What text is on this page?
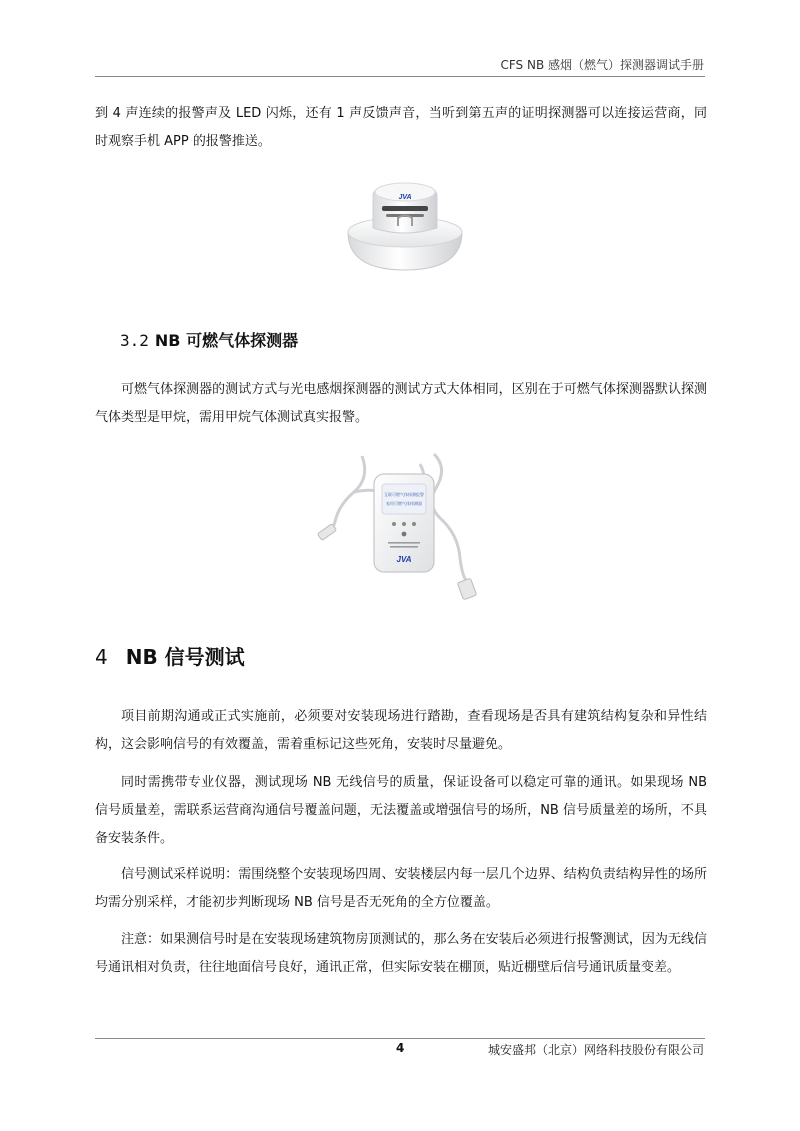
CFS NB 感烟（燃气）探测器调试手册

到 4 声连续的报警声及 LED 闪烁，还有 1 声反馈声音，当听到第五声的证明探测器可以连接运营商，同时观察手机 APP 的报警推送。

JVA
3.2 NB 可燃气体探测器

可燃气体探测器的测试方式与光电感烟探测器的测试方式大体相同，区别在于可燃气体探测器默认探测气体类型是甲烷，需用甲烷气体测试真实报警。

互联可燃气体探测报警
家用可燃气体探测器
JVA
4 NB 信号测试

项目前期沟通或正式实施前，必须要对安装现场进行踏勘，查看现场是否具有建筑结构复杂和异性结构，这会影响信号的有效覆盖，需着重标记这些死角，安装时尽量避免。

同时需携带专业仪器，测试现场 NB 无线信号的质量，保证设备可以稳定可靠的通讯。如果现场 NB 信号质量差，需联系运营商沟通信号覆盖问题，无法覆盖或增强信号的场所，NB 信号质量差的场所，不具备安装条件。

信号测试采样说明：需围绕整个安装现场四周、安装楼层内每一层几个边界、结构负责结构异性的场所均需分别采样，才能初步判断现场 NB 信号是否无死角的全方位覆盖。

注意：如果测信号时是在安装现场建筑物房顶测试的，那么务在安装后必须进行报警测试，因为无线信号通讯相对负责，往往地面信号良好，通讯正常，但实际安装在棚顶，贴近棚壁后信号通讯质量变差。

4	城安盛邦（北京）网络科技股份有限公司
